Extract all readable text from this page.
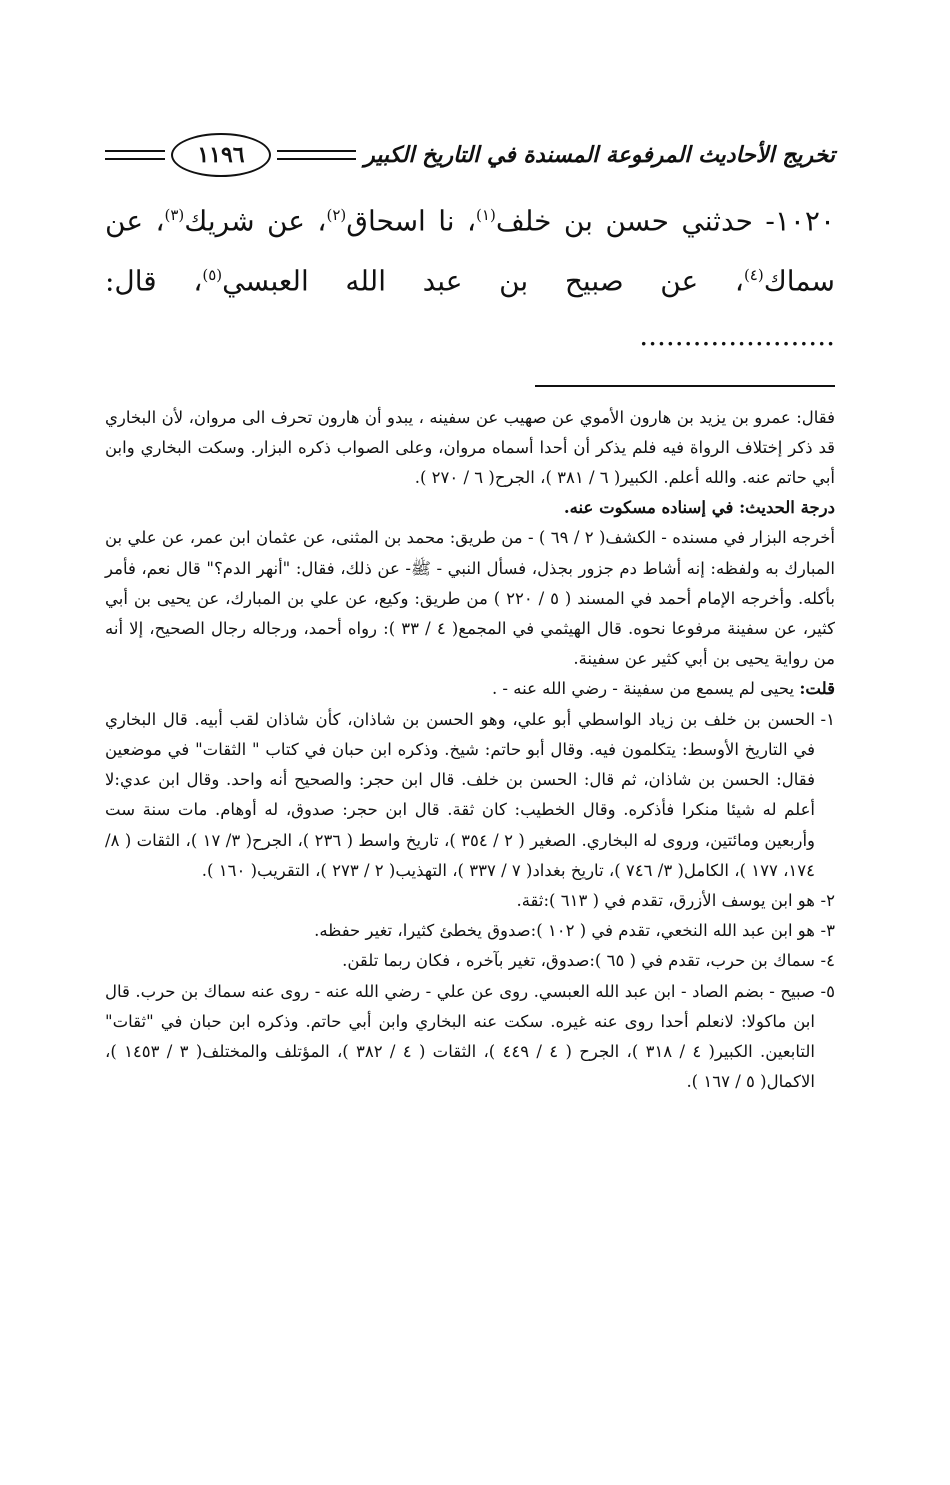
١١٩٦	تخريج الأحاديث المرفوعة المسندة في التاريخ الكبير
١٠٢٠- حدثني حسن بن خلف$^{(١)}$، نا اسحاق$^{(٢)}$، عن شريك$^{(٣)}$، عن سماك$^{(٤)}$، عن صبيح بن عبد الله العبسي$^{(٥)}$، قال: ......................

فقال: عمرو بن يزيد بن هارون الأموي عن صهيب عن سفينه ، يبدو أن هارون تحرف الى مروان، لأن البخاري قد ذكر إختلاف الرواة فيه فلم يذكر أن أحدا أسماه مروان، وعلى الصواب ذكره البزار. وسكت البخاري وابن أبي حاتم عنه. والله أعلم. الكبير( ٦ / ٣٨١ )، الجرح( ٦ / ٢٧٠ ).

درجة الحديث: في إسناده مسكوت عنه.

أخرجه البزار في مسنده - الكشف( ٢ / ٦٩ ) - من طريق: محمد بن المثنى، عن عثمان ابن عمر، عن علي بن المبارك به ولفظه: إنه أشاط دم جزور بجذل، فسأل النبي - ﷺ- عن ذلك، فقال: "أنهر الدم؟" قال نعم، فأمر بأكله. وأخرجه الإمام أحمد في المسند ( ٥ / ٢٢٠ ) من طريق: وكيع، عن علي بن المبارك، عن يحيى بن أبي كثير، عن سفينة مرفوعا نحوه. قال الهيثمي في المجمع( ٤ / ٣٣ ): رواه أحمد، ورجاله رجال الصحيح، إلا أنه من رواية يحيى بن أبي كثير عن سفينة.

قلت: يحيى لم يسمع من سفينة - رضي الله عنه - .

١-
الحسن بن خلف بن زياد الواسطي أبو علي، وهو الحسن بن شاذان، كأن شاذان لقب أبيه. قال البخاري في التاريخ الأوسط: يتكلمون فيه. وقال أبو حاتم: شيخ. وذكره ابن حبان في كتاب " الثقات" في موضعين فقال: الحسن بن شاذان، ثم قال: الحسن بن خلف. قال ابن حجر: والصحيح أنه واحد. وقال ابن عدي:لا أعلم له شيئا منكرا فأذكره. وقال الخطيب: كان ثقة. قال ابن حجر: صدوق، له أوهام. مات سنة ست وأربعين ومائتين، وروى له البخاري. الصغير ( ٢ / ٣٥٤ )، تاريخ واسط ( ٢٣٦ )، الجرح( ٣/ ١٧ )، الثقات ( ٨/ ١٧٤، ١٧٧ )، الكامل( ٣/ ٧٤٦ )، تاريخ بغداد( ٧ / ٣٣٧ )، التهذيب( ٢ / ٢٧٣ )، التقريب( ١٦٠ ).
٢-
هو ابن يوسف الأزرق، تقدم في ( ٦١٣ ):ثقة.
٣-
هو ابن عبد الله النخعي، تقدم في ( ١٠٢ ):صدوق يخطئ كثيرا، تغير حفظه.
٤-
سماك بن حرب، تقدم في ( ٦٥ ):صدوق، تغير بآخره ، فكان ربما تلقن.
٥-
صبيح - بضم الصاد - ابن عبد الله العبسي. روى عن علي - رضي الله عنه - روى عنه سماك بن حرب. قال ابن ماكولا: لانعلم أحدا روى عنه غيره. سكت عنه البخاري وابن أبي حاتم. وذكره ابن حبان في "ثقات" التابعين. الكبير( ٤ / ٣١٨ )، الجرح ( ٤ / ٤٤٩ )، الثقات ( ٤ / ٣٨٢ )، المؤتلف والمختلف( ٣ / ١٤٥٣ )، الاكمال( ٥ / ١٦٧ ).
